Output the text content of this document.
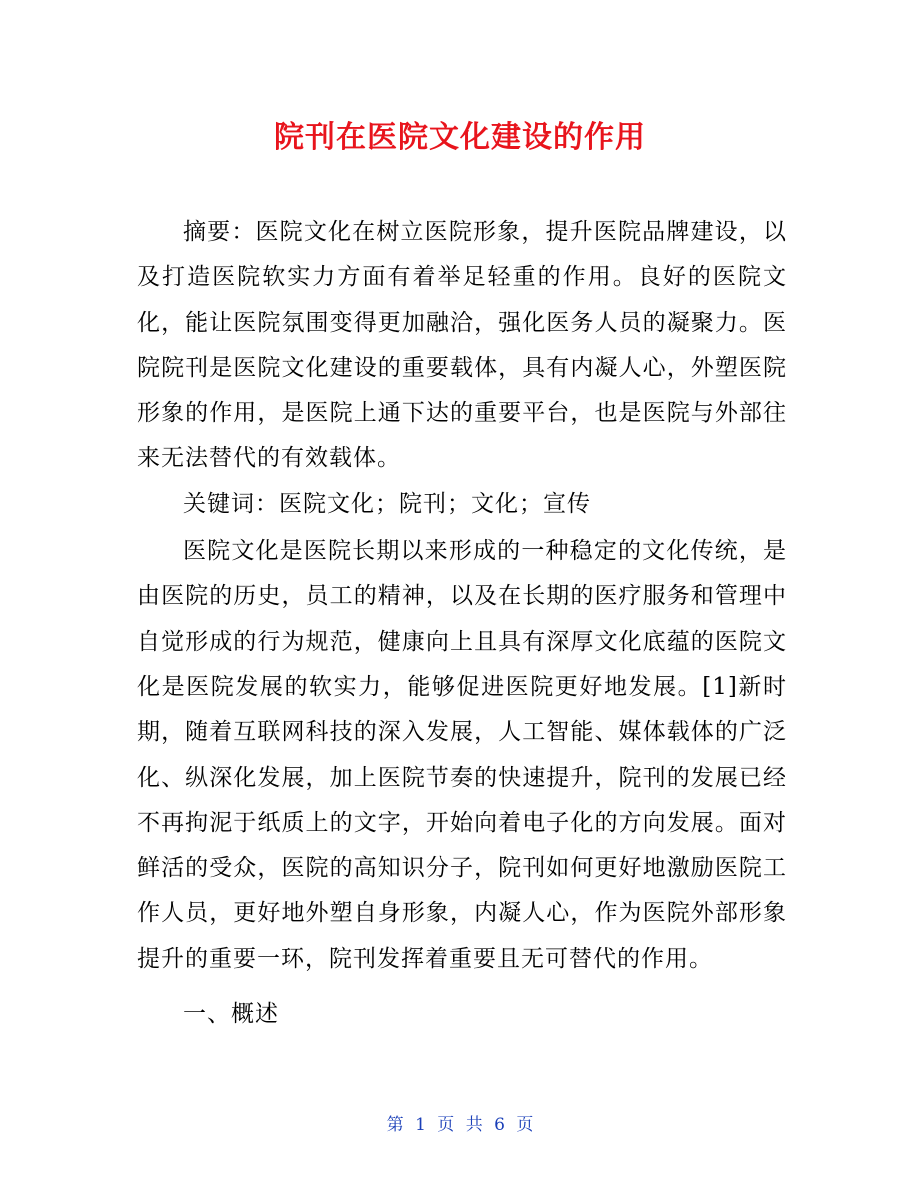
院刊在医院文化建设的作用

摘要：医院文化在树立医院形象，提升医院品牌建设，以及打造医院软实力方面有着举足轻重的作用。良好的医院文化，能让医院氛围变得更加融洽，强化医务人员的凝聚力。医院院刊是医院文化建设的重要载体，具有内凝人心，外塑医院形象的作用，是医院上通下达的重要平台，也是医院与外部往来无法替代的有效载体。

关键词：医院文化；院刊；文化；宣传

医院文化是医院长期以来形成的一种稳定的文化传统，是由医院的历史，员工的精神，以及在长期的医疗服务和管理中自觉形成的行为规范，健康向上且具有深厚文化底蕴的医院文化是医院发展的软实力，能够促进医院更好地发展。[1]新时期，随着互联网科技的深入发展，人工智能、媒体载体的广泛化、纵深化发展，加上医院节奏的快速提升，院刊的发展已经不再拘泥于纸质上的文字，开始向着电子化的方向发展。面对鲜活的受众，医院的高知识分子，院刊如何更好地激励医院工作人员，更好地外塑自身形象，内凝人心，作为医院外部形象提升的重要一环，院刊发挥着重要且无可替代的作用。

一、概述

第 1 页 共 6 页
